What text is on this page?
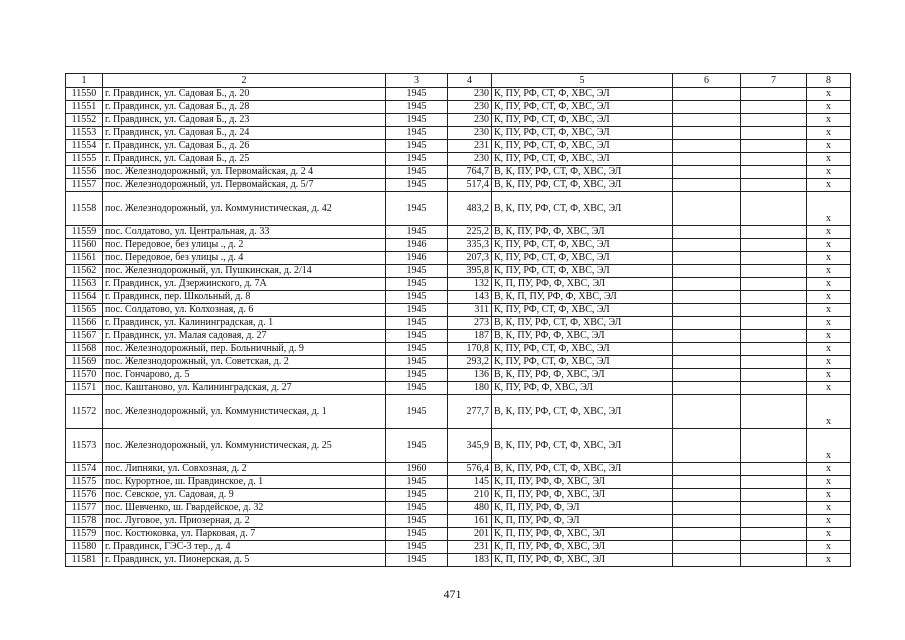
1	2	3	4	5	6	7	8
11550	г. Правдинск, ул. Садовая Б., д. 20	1945	230	К, ПУ, РФ, СТ, Ф, ХВС, ЭЛ			х
11551	г. Правдинск, ул. Садовая Б., д. 28	1945	230	К, ПУ, РФ, СТ, Ф, ХВС, ЭЛ			х
11552	г. Правдинск, ул. Садовая Б., д. 23	1945	230	К, ПУ, РФ, СТ, Ф, ХВС, ЭЛ			х
11553	г. Правдинск, ул. Садовая Б., д. 24	1945	230	К, ПУ, РФ, СТ, Ф, ХВС, ЭЛ			х
11554	г. Правдинск, ул. Садовая Б., д. 26	1945	231	К, ПУ, РФ, СТ, Ф, ХВС, ЭЛ			х
11555	г. Правдинск, ул. Садовая Б., д. 25	1945	230	К, ПУ, РФ, СТ, Ф, ХВС, ЭЛ			х
11556	пос. Железнодорожный, ул. Первомайская, д. 2 4	1945	764,7	В, К, ПУ, РФ, СТ, Ф, ХВС, ЭЛ			х
11557	пос. Железнодорожный, ул. Первомайская, д. 5/7	1945	517,4	В, К, ПУ, РФ, СТ, Ф, ХВС, ЭЛ			х
11558	пос. Железнодорожный, ул. Коммунистическая, д. 42	1945	483,2	В, К, ПУ, РФ, СТ, Ф, ХВС, ЭЛ			х
11559	пос. Солдатово, ул. Центральная, д. 33	1945	225,2	В, К, ПУ, РФ, Ф, ХВС, ЭЛ			х
11560	пос. Передовое, без улицы ., д. 2	1946	335,3	К, ПУ, РФ, СТ, Ф, ХВС, ЭЛ			х
11561	пос. Передовое, без улицы ., д. 4	1946	207,3	К, ПУ, РФ, СТ, Ф, ХВС, ЭЛ			х
11562	пос. Железнодорожный, ул. Пушкинская, д. 2/14	1945	395,8	К, ПУ, РФ, СТ, Ф, ХВС, ЭЛ			х
11563	г. Правдинск, ул. Дзержинского, д. 7А	1945	132	К, П, ПУ, РФ, Ф, ХВС, ЭЛ			х
11564	г. Правдинск, пер. Школьный, д. 8	1945	143	В, К, П, ПУ, РФ, Ф, ХВС, ЭЛ			х
11565	пос. Солдатово, ул. Колхозная, д. 6	1945	311	К, ПУ, РФ, СТ, Ф, ХВС, ЭЛ			х
11566	г. Правдинск, ул. Калининградская, д. 1	1945	273	В, К, ПУ, РФ, СТ, Ф, ХВС, ЭЛ			х
11567	г. Правдинск, ул. Малая садовая, д. 27	1945	187	В, К, ПУ, РФ, Ф, ХВС, ЭЛ			х
11568	пос. Железнодорожный, пер. Больничный, д. 9	1945	170,8	К, ПУ, РФ, СТ, Ф, ХВС, ЭЛ			х
11569	пос. Железнодорожный, ул. Советская, д. 2	1945	293,2	К, ПУ, РФ, СТ, Ф, ХВС, ЭЛ			х
11570	пос. Гончарово, д. 5	1945	136	В, К, ПУ, РФ, Ф, ХВС, ЭЛ			х
11571	пос. Каштаново, ул. Калининградская, д. 27	1945	180	К, ПУ, РФ, Ф, ХВС, ЭЛ			х
11572	пос. Железнодорожный, ул. Коммунистическая, д. 1	1945	277,7	В, К, ПУ, РФ, СТ, Ф, ХВС, ЭЛ			х
11573	пос. Железнодорожный, ул. Коммунистическая, д. 25	1945	345,9	В, К, ПУ, РФ, СТ, Ф, ХВС, ЭЛ			х
11574	пос. Липняки, ул. Совхозная, д. 2	1960	576,4	В, К, ПУ, РФ, СТ, Ф, ХВС, ЭЛ			х
11575	пос. Курортное, ш. Правдинское, д. 1	1945	145	К, П, ПУ, РФ, Ф, ХВС, ЭЛ			х
11576	пос. Севское, ул. Садовая, д. 9	1945	210	К, П, ПУ, РФ, Ф, ХВС, ЭЛ			х
11577	пос. Шевченко, ш. Гвардейское, д. 32	1945	480	К, П, ПУ, РФ, Ф, ЭЛ			х
11578	пос. Луговое, ул. Приозерная, д. 2	1945	161	К, П, ПУ, РФ, Ф, ЭЛ			х
11579	пос. Костюковка, ул. Парковая, д. 7	1945	201	К, П, ПУ, РФ, Ф, ХВС, ЭЛ			х
11580	г. Правдинск, ГЭС-3 тер., д. 4	1945	231	К, П, ПУ, РФ, Ф, ХВС, ЭЛ			х
11581	г. Правдинск, ул. Пионерская, д. 5	1945	183	К, П, ПУ, РФ, Ф, ХВС, ЭЛ			х
471
